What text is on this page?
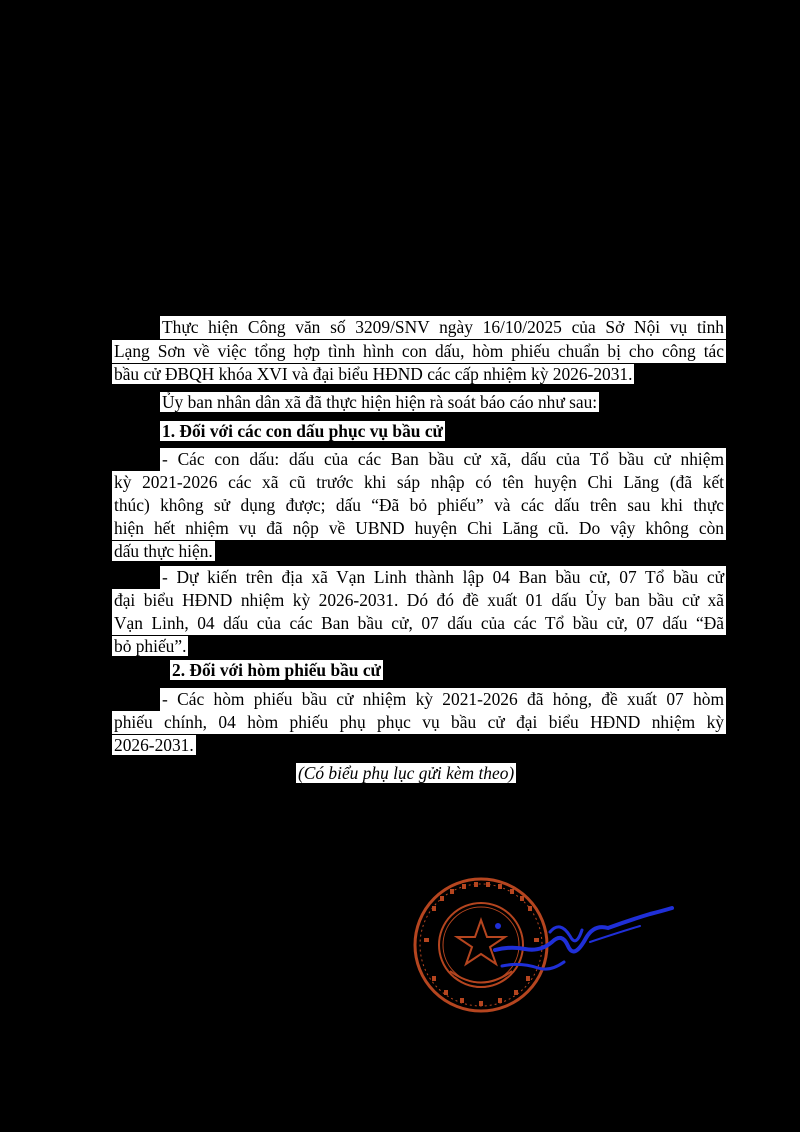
Thực hiện Công văn số 3209/SNV ngày 16/10/2025 của Sở Nội vụ tỉnh
Lạng Sơn về việc tổng hợp tình hình con dấu, hòm phiếu chuẩn bị cho công tác
bầu cử ĐBQH khóa XVI và đại biểu HĐND các cấp nhiệm kỳ 2026-2031.
Ủy ban nhân dân xã đã thực hiện hiện rà soát báo cáo như sau:
1. Đối với các con dấu phục vụ bầu cử
- Các con dấu: dấu của các Ban bầu cử xã, dấu của Tổ bầu cử nhiệm
kỳ 2021-2026 các xã cũ trước khi sáp nhập có tên huyện Chi Lăng (đã kết
thúc) không sử dụng được; dấu “Đã bỏ phiếu” và các dấu trên sau khi thực
hiện hết nhiệm vụ đã nộp về UBND huyện Chi Lăng cũ. Do vậy không còn
dấu thực hiện.
- Dự kiến trên địa xã Vạn Linh thành lập 04 Ban bầu cử, 07 Tổ bầu cử
đại biểu HĐND nhiệm kỳ 2026-2031. Dó đó đề xuất 01 dấu Ủy ban bầu cử xã
Vạn Linh, 04 dấu của các Ban bầu cử, 07 dấu của các Tổ bầu cử, 07 dấu “Đã
bỏ phiếu”.
2. Đối với hòm phiếu bầu cử
- Các hòm phiếu bầu cử nhiệm kỳ 2021-2026 đã hỏng, đề xuất 07 hòm
phiếu chính, 04 hòm phiếu phụ phục vụ bầu cử đại biểu HĐND nhiệm kỳ
2026-2031.
(Có biểu phụ lục gửi kèm theo)
